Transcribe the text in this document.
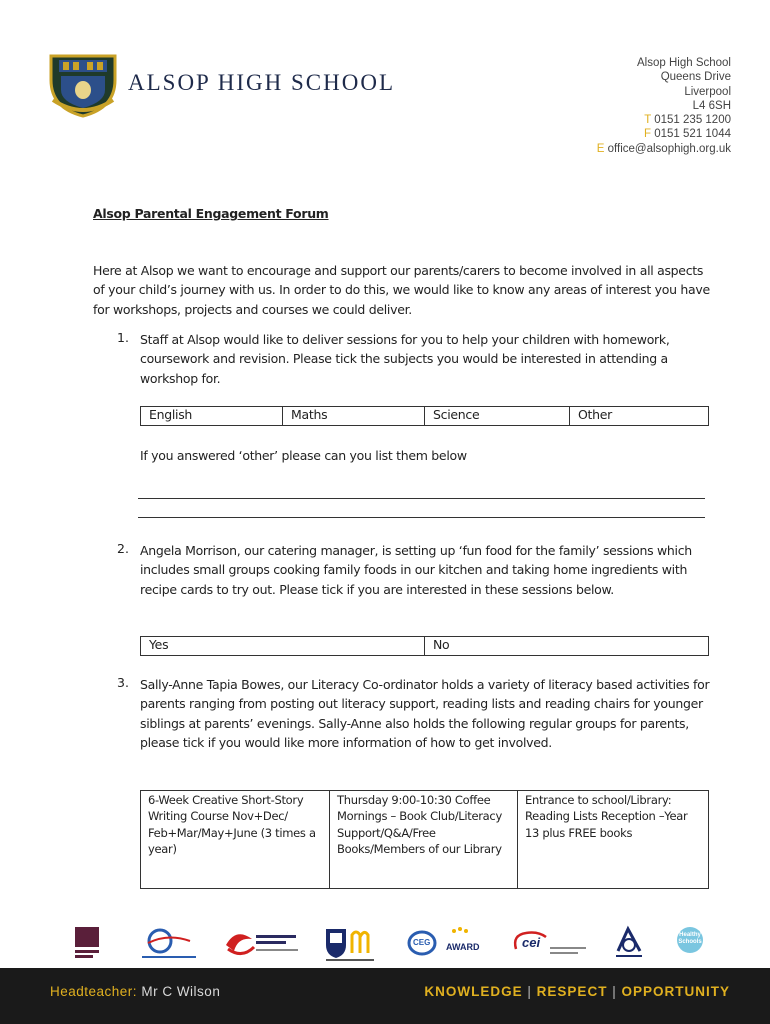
ALSOP HIGH SCHOOL
Alsop High School
Queens Drive
Liverpool
L4 6SH
T 0151 235 1200
F 0151 521 1044
E office@alsophigh.org.uk
Alsop Parental Engagement Forum
Here at Alsop we want to encourage and support our parents/carers to become involved in all aspects of your child’s journey with us. In order to do this, we would like to know any areas of interest you have for workshops, projects and courses we could deliver.
1. Staff at Alsop would like to deliver sessions for you to help your children with homework, coursework and revision. Please tick the subjects you would be interested in attending a workshop for.
English	Maths	Science	Other
If you answered ‘other’ please can you list them below
2. Angela Morrison, our catering manager, is setting up ‘fun food for the family’ sessions which includes small groups cooking family foods in our kitchen and taking home ingredients with recipe cards to try out. Please tick if you are interested in these sessions below.
Yes	No
3. Sally-Anne Tapia Bowes, our Literacy Co-ordinator holds a variety of literacy based activities for parents ranging from posting out literacy support, reading lists and reading chairs for younger siblings at parents’ evenings. Sally-Anne also holds the following regular groups for parents, please tick if you would like more information of how to get involved.
6-Week Creative Short-Story Writing Course Nov+Dec/ Feb+Mar/May+June (3 times a year)	Thursday 9:00-10:30 Coffee Mornings – Book Club/Literacy Support/Q&A/Free Books/Members of our Library	Entrance to school/Library: Reading Lists Reception –Year 13 plus FREE books
CEG AWARD	cei	Healthy Schools
Headteacher: Mr C Wilson	KNOWLEDGE | RESPECT | OPPORTUNITY
